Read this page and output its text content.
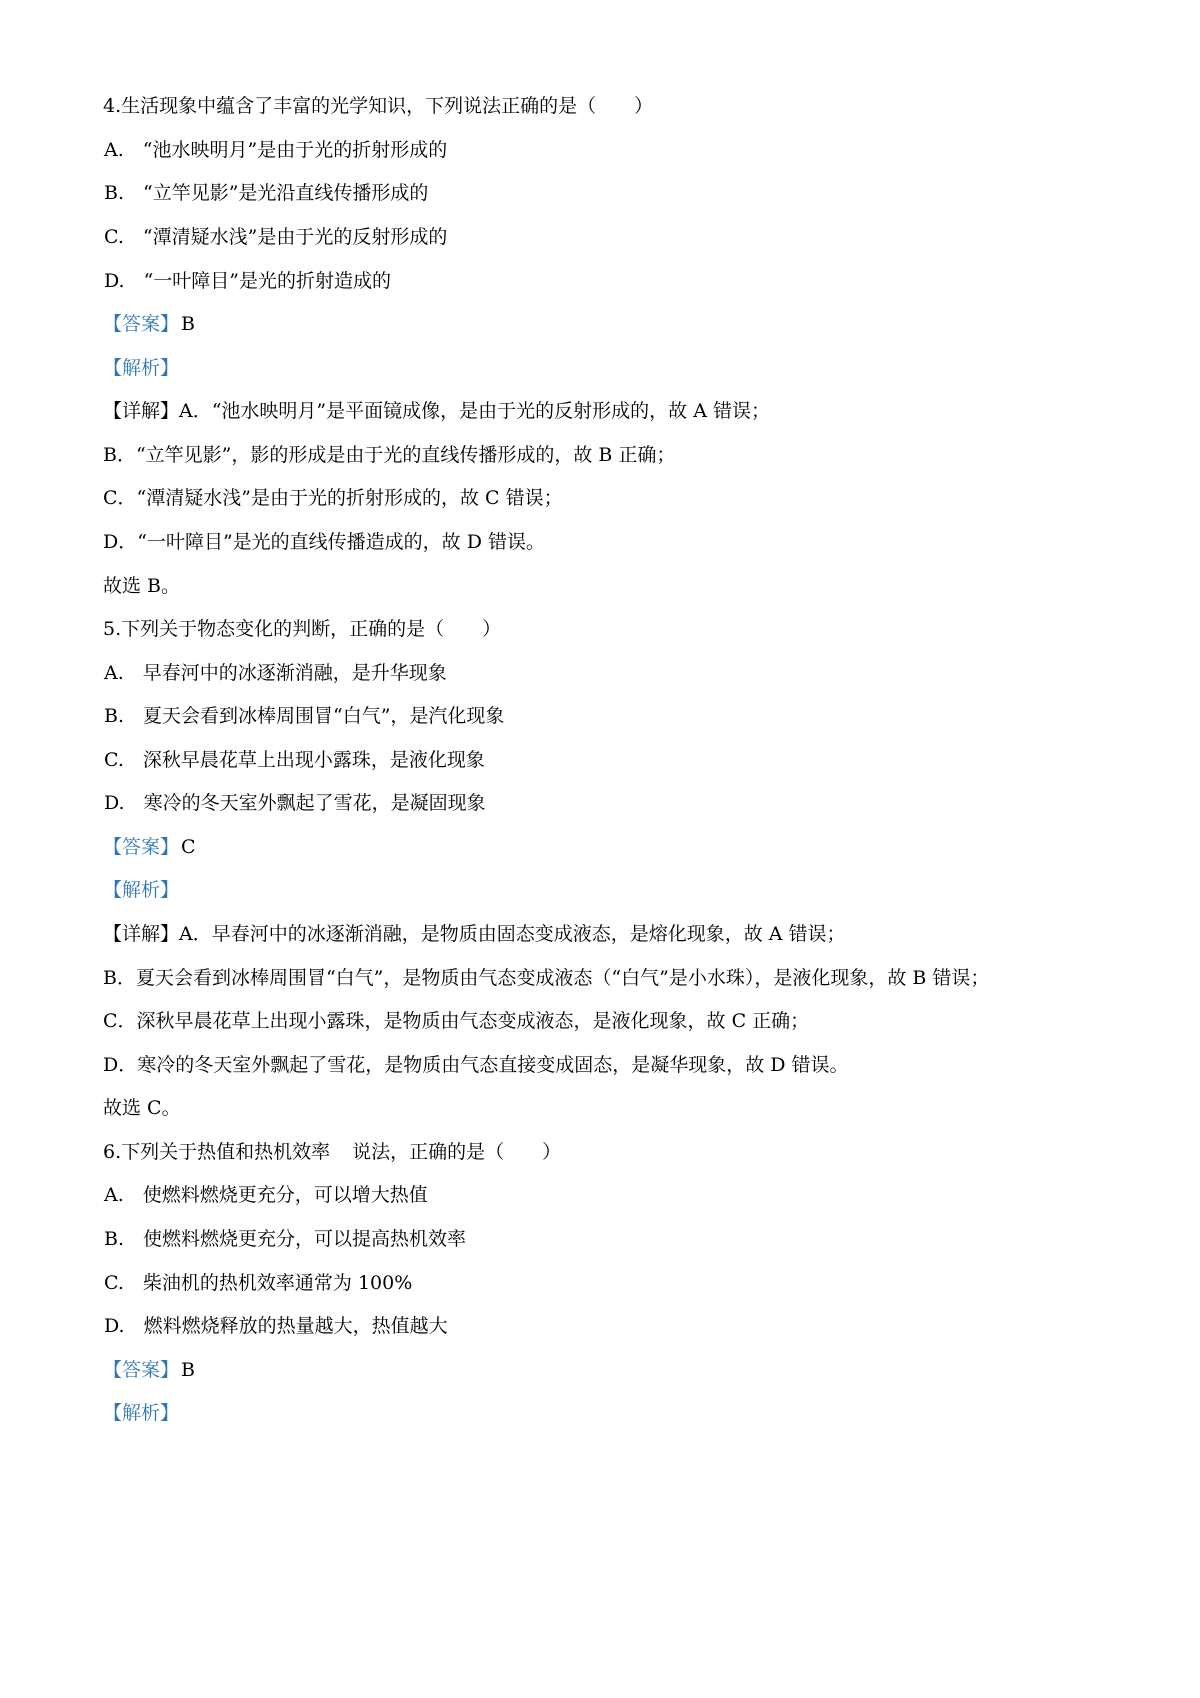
4.生活现象中蕴含了丰富的光学知识，下列说法正确的是（　　）
A.　“池水映明月”是由于光的折射形成的
B.　“立竿见影”是光沿直线传播形成的
C.　“潭清疑水浅”是由于光的反射形成的
D.　“一叶障目”是光的折射造成的
【答案】 B
【解析】
【详解】A．“池水映明月”是平面镜成像，是由于光的反射形成的，故 A 错误；
B．“立竿见影”，影的形成是由于光的直线传播形成的，故 B 正确；
C．“潭清疑水浅”是由于光的折射形成的，故 C 错误；
D．“一叶障目”是光的直线传播造成的，故 D 错误。
故选 B。
5.下列关于物态变化的判断，正确的是（　　）
A.　早春河中的冰逐渐消融，是升华现象
B.　夏天会看到冰棒周围冒“白气”，是汽化现象
C.　深秋早晨花草上出现小露珠，是液化现象
D.　寒冷的冬天室外飘起了雪花，是凝固现象
【答案】 C
【解析】
【详解】A．早春河中的冰逐渐消融，是物质由固态变成液态，是熔化现象，故 A 错误；
B．夏天会看到冰棒周围冒“白气”，是物质由气态变成液态（“白气”是小水珠），是液化现象，故 B 错误；
C．深秋早晨花草上出现小露珠，是物质由气态变成液态，是液化现象，故 C 正确；
D．寒冷的冬天室外飘起了雪花，是物质由气态直接变成固态，是凝华现象，故 D 错误。
故选 C。
6.下列关于热值和热机效率 说法，正确的是（　　）
A.　使燃料燃烧更充分，可以增大热值
B.　使燃料燃烧更充分，可以提高热机效率
C.　柴油机的热机效率通常为 100%
D.　燃料燃烧释放的热量越大，热值越大
【答案】 B
【解析】
